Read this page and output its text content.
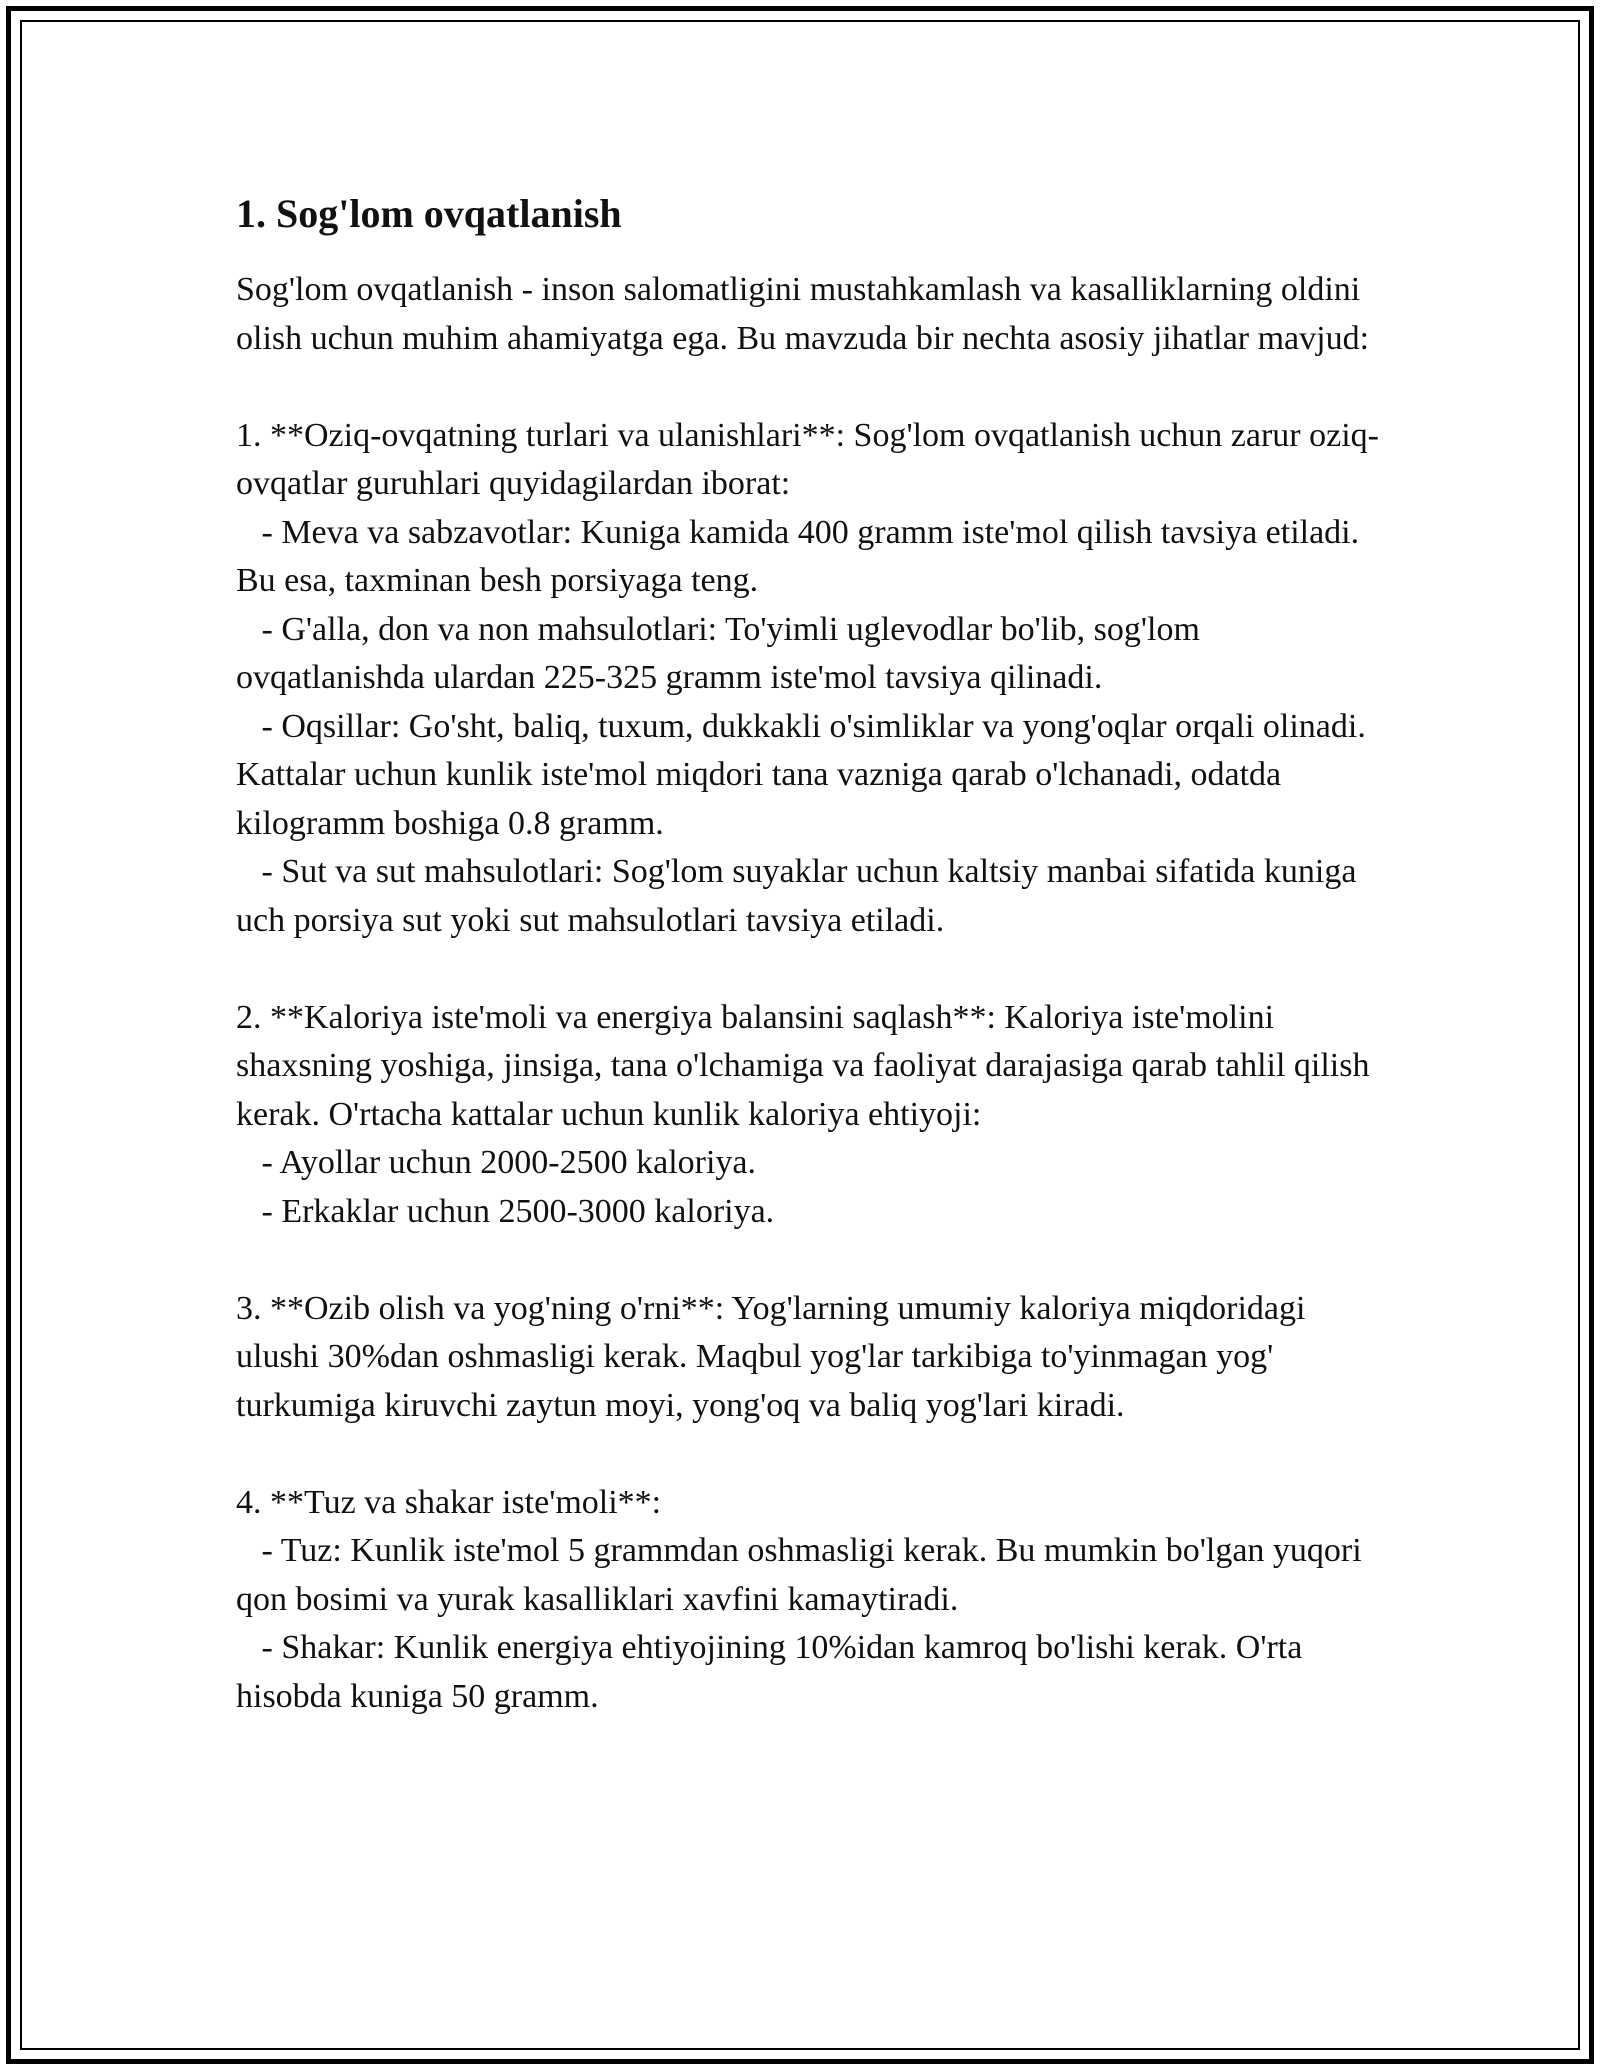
1. Sog'lom ovqatlanish

Sog'lom ovqatlanish - inson salomatligini mustahkamlash va kasalliklarning oldini olish uchun muhim ahamiyatga ega. Bu mavzuda bir nechta asosiy jihatlar mavjud:

1. **Oziq-ovqatning turlari va ulanishlari**: Sog'lom ovqatlanish uchun zarur oziq-ovqatlar guruhlari quyidagilardan iborat:

- Meva va sabzavotlar: Kuniga kamida 400 gramm iste'mol qilish tavsiya etiladi. Bu esa, taxminan besh porsiyaga teng.

- G'alla, don va non mahsulotlari: To'yimli uglevodlar bo'lib, sog'lom ovqatlanishda ulardan 225-325 gramm iste'mol tavsiya qilinadi.

- Oqsillar: Go'sht, baliq, tuxum, dukkakli o'simliklar va yong'oqlar orqali olinadi. Kattalar uchun kunlik iste'mol miqdori tana vazniga qarab o'lchanadi, odatda kilogramm boshiga 0.8 gramm.

- Sut va sut mahsulotlari: Sog'lom suyaklar uchun kaltsiy manbai sifatida kuniga uch porsiya sut yoki sut mahsulotlari tavsiya etiladi.

2. **Kaloriya iste'moli va energiya balansini saqlash**: Kaloriya iste'molini shaxsning yoshiga, jinsiga, tana o'lchamiga va faoliyat darajasiga qarab tahlil qilish kerak. O'rtacha kattalar uchun kunlik kaloriya ehtiyoji:

- Ayollar uchun 2000-2500 kaloriya.

- Erkaklar uchun 2500-3000 kaloriya.

3. **Ozib olish va yog'ning o'rni**: Yog'larning umumiy kaloriya miqdoridagi ulushi 30%dan oshmasligi kerak. Maqbul yog'lar tarkibiga to'yinmagan yog' turkumiga kiruvchi zaytun moyi, yong'oq va baliq yog'lari kiradi.

4. **Tuz va shakar iste'moli**:

- Tuz: Kunlik iste'mol 5 grammdan oshmasligi kerak. Bu mumkin bo'lgan yuqori qon bosimi va yurak kasalliklari xavfini kamaytiradi.

- Shakar: Kunlik energiya ehtiyojining 10%idan kamroq bo'lishi kerak. O'rta hisobda kuniga 50 gramm.
